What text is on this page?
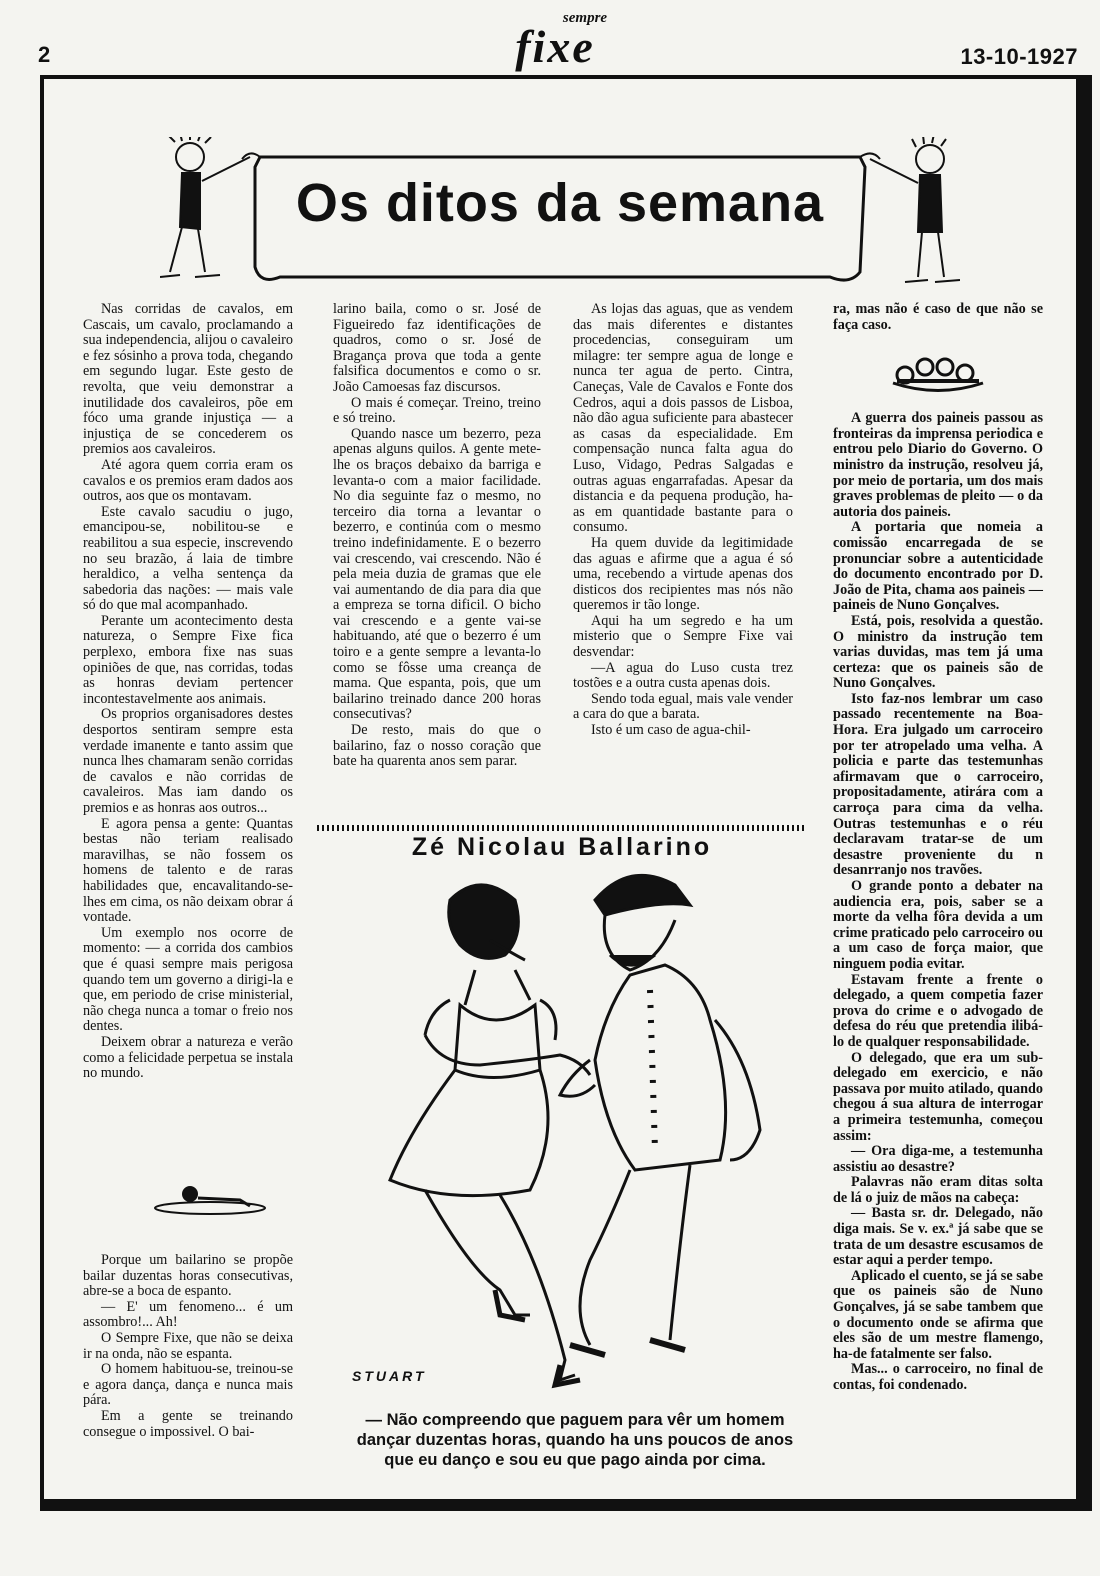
2
sempre
fixe	13-10-1927
Os ditos da semana

Nas corridas de cavalos, em Cascais, um cavalo, proclamando a sua independencia, alijou o cavaleiro e fez sósinho a prova toda, chegando em segundo lugar. Este gesto de revolta, que veiu demonstrar a inutilidade dos cavaleiros, põe em fóco uma grande injustiça — a injustiça de se concederem os premios aos cavaleiros.

Até agora quem corria eram os cavalos e os premios eram dados aos outros, aos que os montavam.

Este cavalo sacudiu o jugo, emancipou-se, nobilitou-se e reabilitou a sua especie, inscrevendo no seu brazão, á laia de timbre heraldico, a velha sentença da sabedoria das nações: — mais vale só do que mal acompanhado.

Perante um acontecimento desta natureza, o Sempre Fixe fica perplexo, embora fixe nas suas opiniões de que, nas corridas, todas as honras deviam pertencer incontestavelmente aos animais.

Os proprios organisadores destes desportos sentiram sempre esta verdade imanente e tanto assim que nunca lhes chamaram senão corridas de cavalos e não corridas de cavaleiros. Mas iam dando os premios e as honras aos outros...

E agora pensa a gente: Quantas bestas não teriam realisado maravilhas, se não fossem os homens de talento e de raras habilidades que, encavalitando-se-lhes em cima, os não deixam obrar á vontade.

Um exemplo nos ocorre de momento: — a corrida dos cambios que é quasi sempre mais perigosa quando tem um governo a dirigi-la e que, em periodo de crise ministerial, não chega nunca a tomar o freio nos dentes.

Deixem obrar a natureza e verão como a felicidade perpetua se instala no mundo.

Porque um bailarino se propõe bailar duzentas horas consecutivas, abre-se a boca de espanto.

— E' um fenomeno... é um assombro!... Ah!

O Sempre Fixe, que não se deixa ir na onda, não se espanta.

O homem habituou-se, treinou-se e agora dança, dança e nunca mais pára.

Em a gente se treinando consegue o impossivel. O bai-

larino baila, como o sr. José de Figueiredo faz identificações de quadros, como o sr. José de Bragança prova que toda a gente falsifica documentos e como o sr. João Camoesas faz discursos.

O mais é começar. Treino, treino e só treino.

Quando nasce um bezerro, peza apenas alguns quilos. A gente mete-lhe os braços debaixo da barriga e levanta-o com a maior facilidade. No dia seguinte faz o mesmo, no terceiro dia torna a levantar o bezerro, e continúa com o mesmo treino indefinidamente. E o bezerro vai crescendo, vai crescendo. Não é pela meia duzia de gramas que ele vai aumentando de dia para dia que a empreza se torna dificil. O bicho vai crescendo e a gente vai-se habituando, até que o bezerro é um toiro e a gente sempre a levanta-lo como se fôsse uma creança de mama. Que espanta, pois, que um bailarino treinado dance 200 horas consecutivas?

De resto, mais do que o bailarino, faz o nosso coração que bate ha quarenta anos sem parar.

As lojas das aguas, que as vendem das mais diferentes e distantes procedencias, conseguiram um milagre: ter sempre agua de longe e nunca ter agua de perto. Cintra, Caneças, Vale de Cavalos e Fonte dos Cedros, aqui a dois passos de Lisboa, não dão agua suficiente para abastecer as casas da especialidade. Em compensação nunca falta agua do Luso, Vidago, Pedras Salgadas e outras aguas engarrafadas. Apesar da distancia e da pequena produção, ha-as em quantidade bastante para o consumo.

Ha quem duvide da legitimidade das aguas e afirme que a agua é só uma, recebendo a virtude apenas dos disticos dos recipientes mas nós não queremos ir tão longe.

Aqui ha um segredo e ha um misterio que o Sempre Fixe vai desvendar:

—A agua do Luso custa trez tostões e a outra custa apenas dois.

Sendo toda egual, mais vale vender a cara do que a barata.

Isto é um caso de agua-chil-

ra, mas não é caso de que não se faça caso.

A guerra dos paineis passou as fronteiras da imprensa periodica e entrou pelo Diario do Governo. O ministro da instrução, resolveu já, por meio de portaria, um dos mais graves problemas de pleito — o da autoria dos paineis.

A portaria que nomeia a comissão encarregada de se pronunciar sobre a autenticidade do documento encontrado por D. João de Pita, chama aos paineis — paineis de Nuno Gonçalves.

Está, pois, resolvida a questão. O ministro da instrução tem varias duvidas, mas tem já uma certeza: que os paineis são de Nuno Gonçalves.

Isto faz-nos lembrar um caso passado recentemente na Boa-Hora. Era julgado um carroceiro por ter atropelado uma velha. A policia e parte das testemunhas afirmavam que o carroceiro, propositadamente, atirára com a carroça para cima da velha. Outras testemunhas e o réu declaravam tratar-se de um desastre proveniente du n desanrranjo nos travões.

O grande ponto a debater na audiencia era, pois, saber se a morte da velha fôra devida a um crime praticado pelo carroceiro ou a um caso de força maior, que ninguem podia evitar.

Estavam frente a frente o delegado, a quem competia fazer prova do crime e o advogado de defesa do réu que pretendia ilibá-lo de qualquer responsabilidade.

O delegado, que era um sub-delegado em exercicio, e não passava por muito atilado, quando chegou á sua altura de interrogar a primeira testemunha, começou assim:

— Ora diga-me, a testemunha assistiu ao desastre?

Palavras não eram ditas solta de lá o juiz de mãos na cabeça:

— Basta sr. dr. Delegado, não diga mais. Se v. ex.ª já sabe que se trata de um desastre escusamos de estar aqui a perder tempo.

Aplicado el cuento, se já se sabe que os paineis são de Nuno Gonçalves, já se sabe tambem que o documento onde se afirma que eles são de um mestre flamengo, ha-de fatalmente ser falso.

Mas... o carroceiro, no final de contas, foi condenado.

Zé Nicolau Ballarino
STUART
— Não compreendo que paguem para vêr um homem dançar duzentas horas, quando ha uns poucos de anos que eu danço e sou eu que pago ainda por cima.
